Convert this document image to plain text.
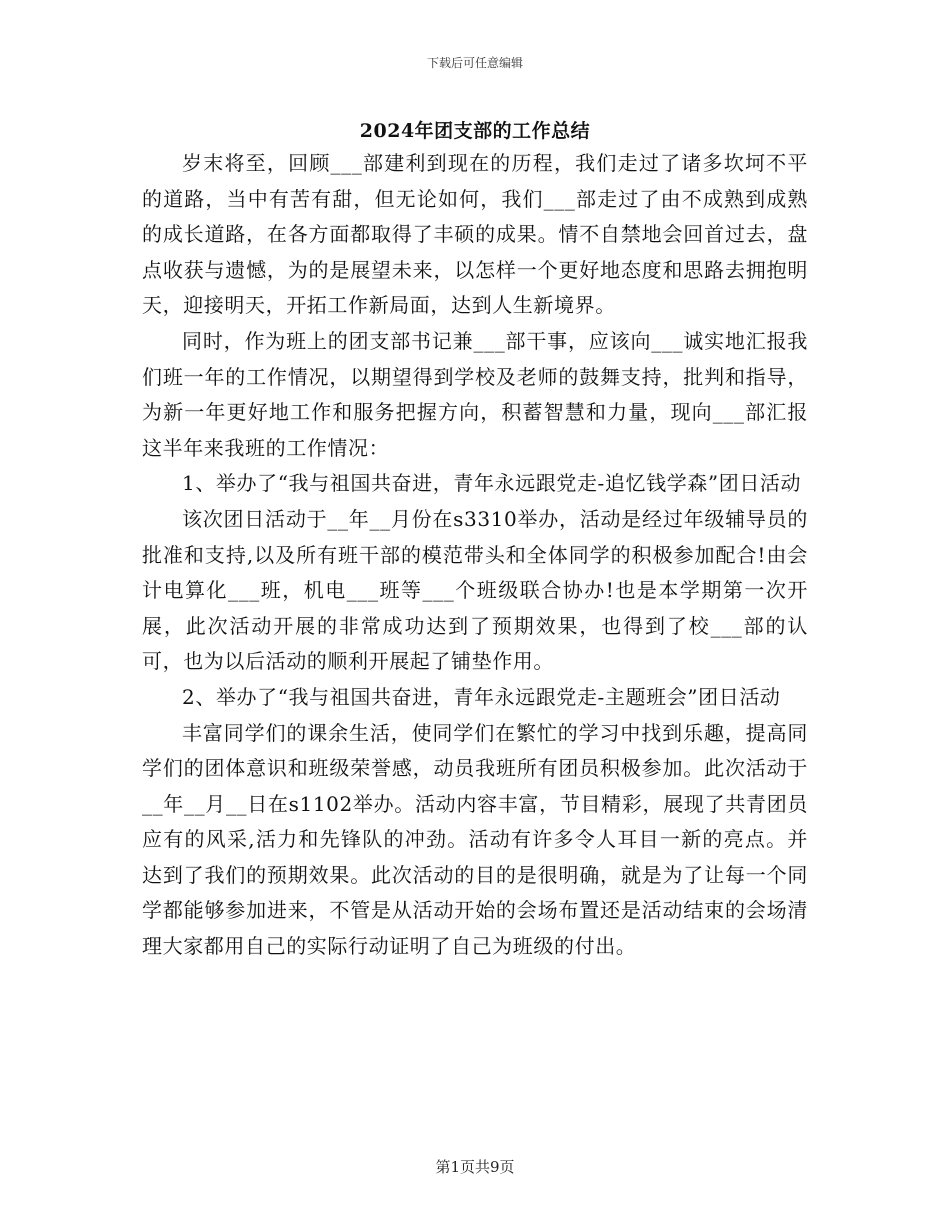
下载后可任意编辑
2024年团支部的工作总结

岁末将至，回顾___部建利到现在的历程，我们走过了诸多坎坷不平的道路，当中有苦有甜，但无论如何，我们___部走过了由不成熟到成熟的成长道路，在各方面都取得了丰硕的成果。情不自禁地会回首过去，盘点收获与遗憾，为的是展望未来，以怎样一个更好地态度和思路去拥抱明天，迎接明天，开拓工作新局面，达到人生新境界。

同时，作为班上的团支部书记兼___部干事，应该向___诚实地汇报我们班一年的工作情况，以期望得到学校及老师的鼓舞支持，批判和指导，为新一年更好地工作和服务把握方向，积蓄智慧和力量，现向___部汇报这半年来我班的工作情况：

1、举办了“我与祖国共奋进，青年永远跟党走-追忆钱学森”团日活动

该次团日活动于__年__月份在s3310举办，活动是经过年级辅导员的批准和支持,以及所有班干部的模范带头和全体同学的积极参加配合!由会计电算化___班，机电___班等___个班级联合协办!也是本学期第一次开展，此次活动开展的非常成功达到了预期效果，也得到了校___部的认可，也为以后活动的顺利开展起了铺垫作用。

2、举办了“我与祖国共奋进，青年永远跟党走-主题班会”团日活动

丰富同学们的课余生活，使同学们在繁忙的学习中找到乐趣，提高同学们的团体意识和班级荣誉感，动员我班所有团员积极参加。此次活动于__年__月__日在s1102举办。活动内容丰富，节目精彩，展现了共青团员应有的风采,活力和先锋队的冲劲。活动有许多令人耳目一新的亮点。并达到了我们的预期效果。此次活动的目的是很明确，就是为了让每一个同学都能够参加进来，不管是从活动开始的会场布置还是活动结束的会场清理大家都用自己的实际行动证明了自己为班级的付出。

第1页共9页
